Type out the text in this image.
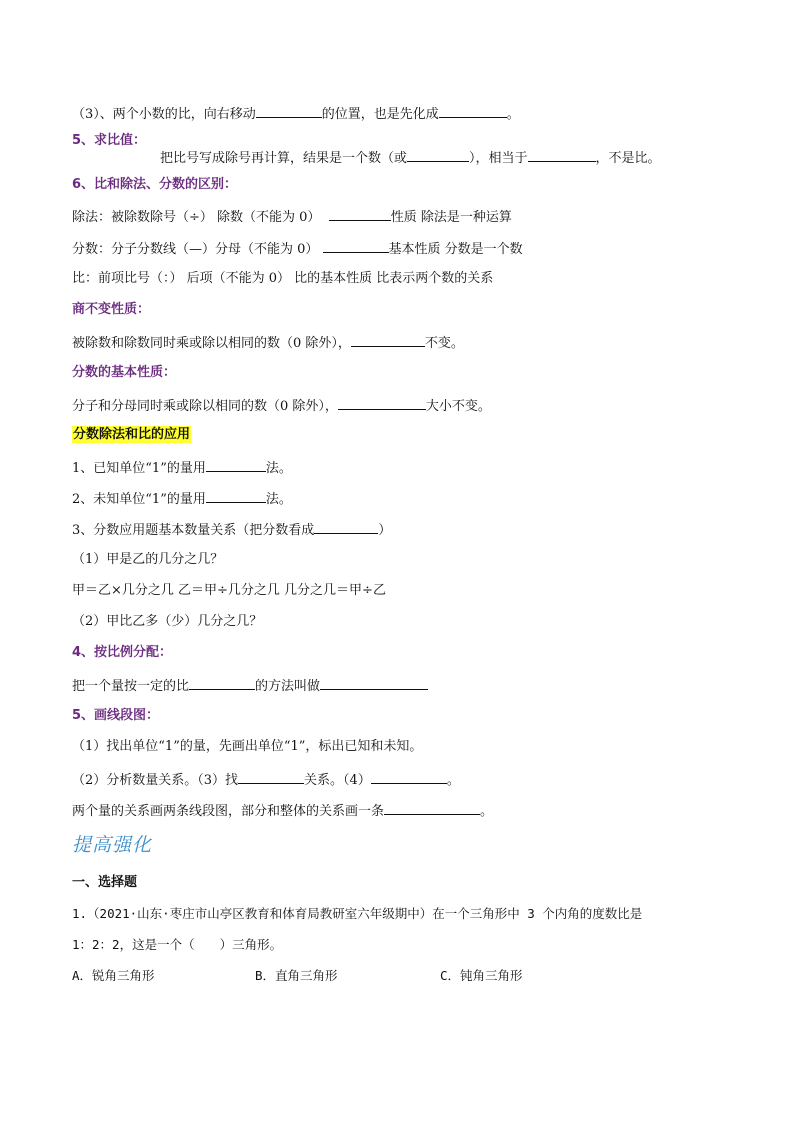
（3）、两个小数的比，向右移动	的位置，也是先化成	。
5、求比值：
把比号写成除号再计算，结果是一个数（或	），相当于	，不是比。
6、比和除法、分数的区别：
除法：被除数除号（÷） 除数（不能为 0）	性质 除法是一种运算
分数：分子分数线（—）分母（不能为 0）	基本性质 分数是一个数
比：前项比号（：） 后项（不能为 0） 比的基本性质 比表示两个数的关系
商不变性质：
被除数和除数同时乘或除以相同的数（0 除外），	不变。
分数的基本性质：
分子和分母同时乘或除以相同的数（0 除外），	大小不变。
分数除法和比的应用
1、已知单位“1”的量用	法。
2、未知单位“1”的量用	法。
3、分数应用题基本数量关系（把分数看成	）
（1）甲是乙的几分之几？
甲＝乙×几分之几 乙＝甲÷几分之几 几分之几＝甲÷乙
（2）甲比乙多（少）几分之几？
4、按比例分配：
把一个量按一定的比	的方法叫做
5、画线段图：
（1）找出单位“1”的量，先画出单位“1”，标出已知和未知。
（2）分析数量关系。（3）找	关系。（4）	。
两个量的关系画两条线段图，部分和整体的关系画一条	。
提高强化
一、选择题
1.（2021·山东·枣庄市山亭区教育和体育局教研室六年级期中）在一个三角形中 3 个内角的度数比是
1：2：2，这是一个（　　）三角形。
A．锐角三角形	B．直角三角形	C．钝角三角形
